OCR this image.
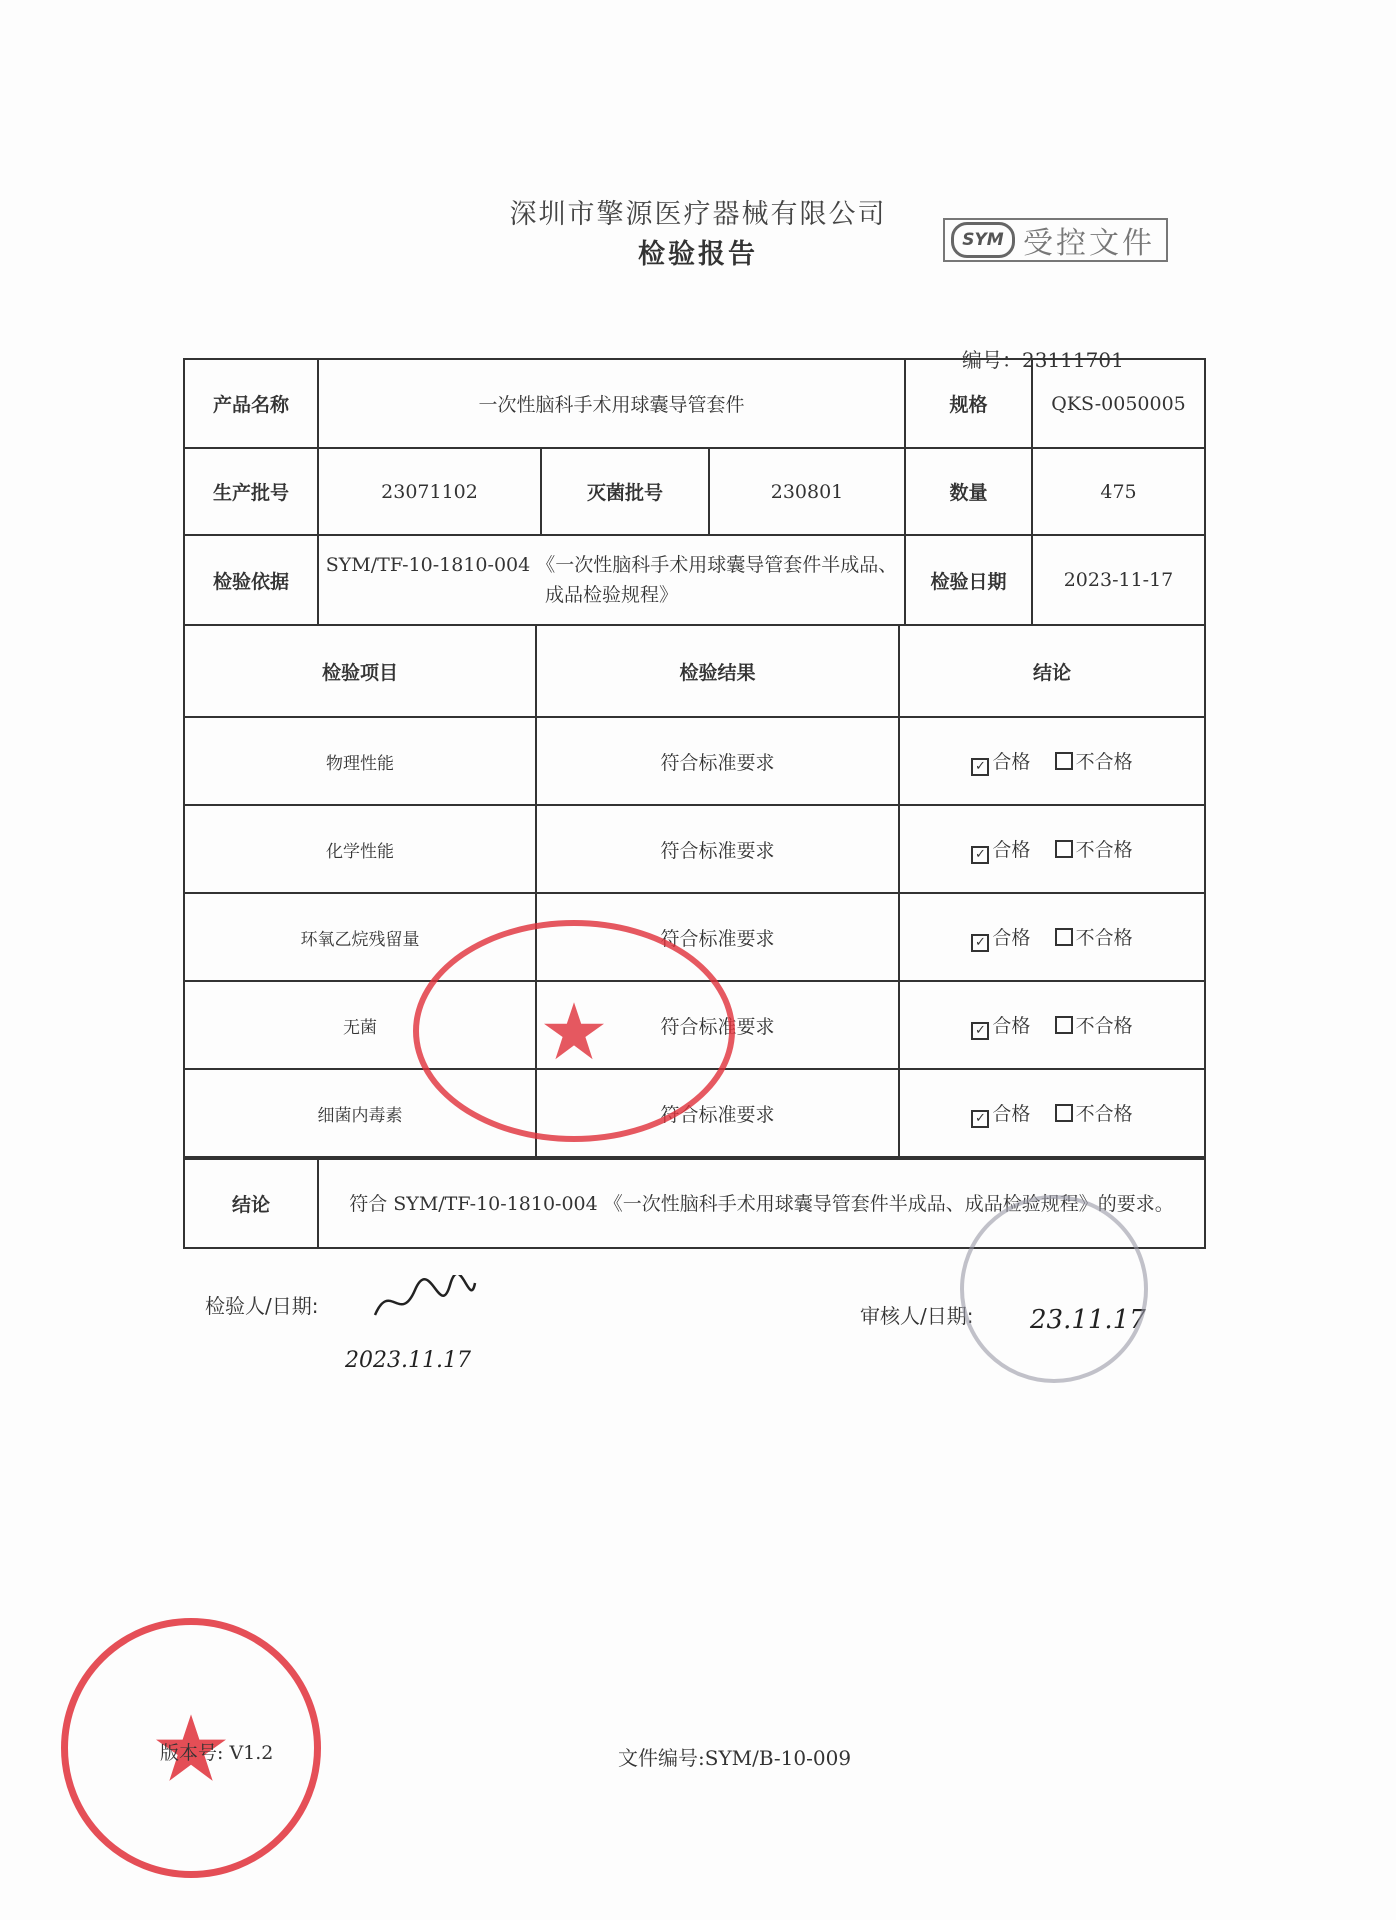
深圳市擎源医疗器械有限公司
检验报告	SYM 受控文件
编号：23111701
产品名称	一次性脑科手术用球囊导管套件	规格	QKS-0050005
生产批号	23071102	灭菌批号	230801	数量	475
检验依据	SYM/TF-10-1810-004 《一次性脑科手术用球囊导管套件半成品、成品检验规程》	检验日期	2023-11-17
检验项目	检验结果	结论
物理性能	符合标准要求	✓ 合格 不合格
化学性能	符合标准要求	✓ 合格 不合格
环氧乙烷残留量	符合标准要求	✓ 合格 不合格
无菌	符合标准要求	✓ 合格 不合格
细菌内毒素	符合标准要求	✓ 合格 不合格
结论	符合 SYM/TF-10-1810-004 《一次性脑科手术用球囊导管套件半成品、成品检验规程》的要求。
检验人/日期:
2023.11.17
审核人/日期: 23.11.17
版本号: V1.2	文件编号:SYM/B-10-009
